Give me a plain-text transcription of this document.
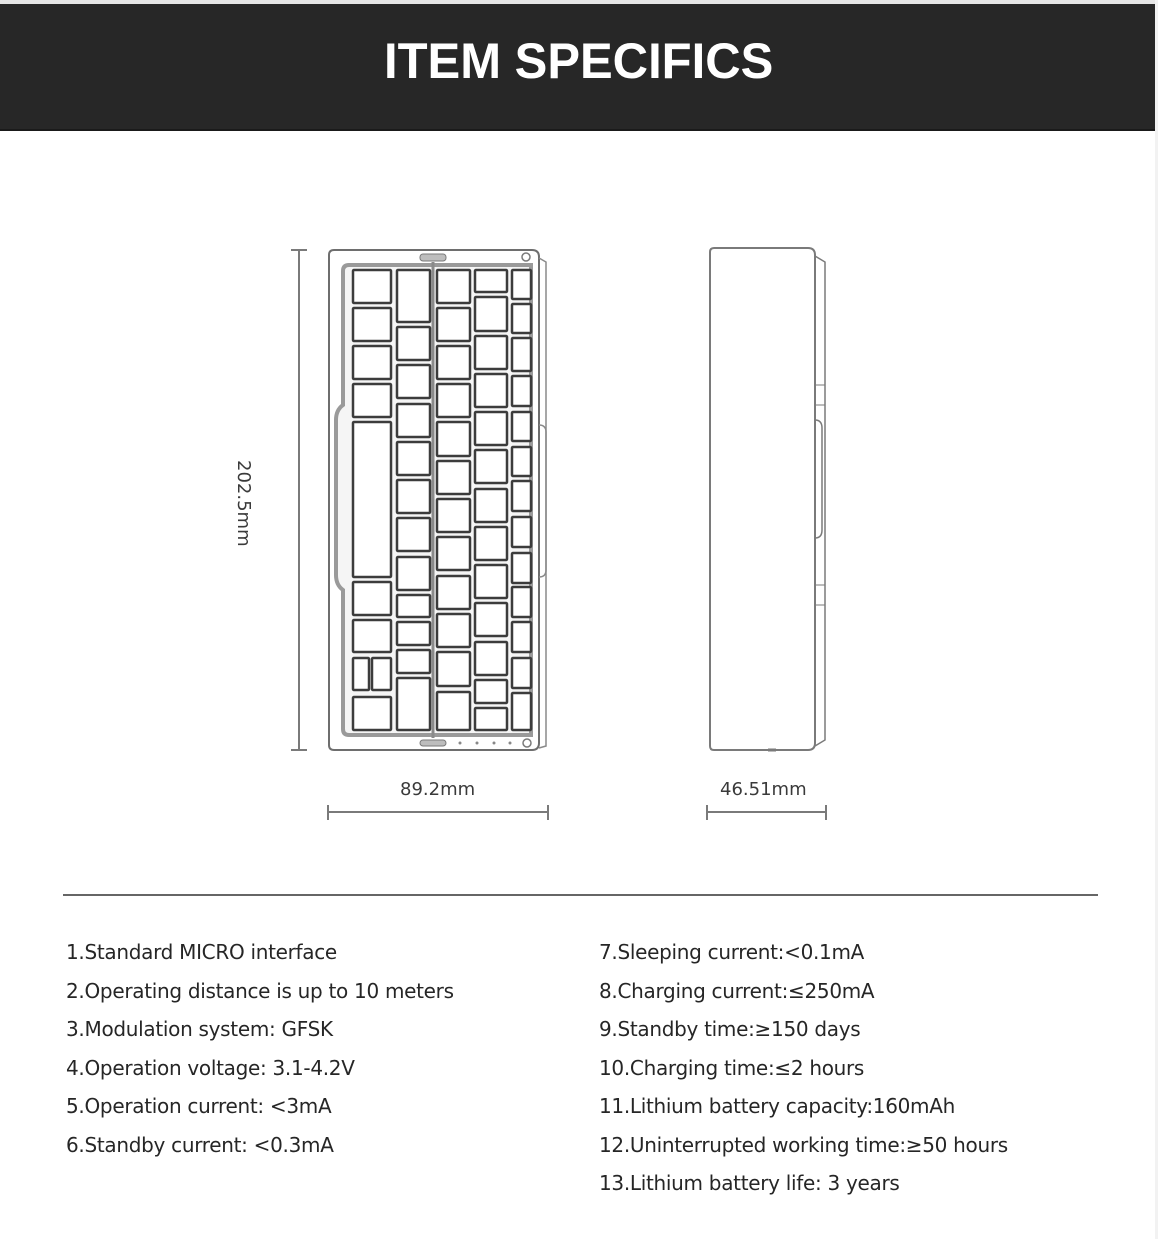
ITEM SPECIFICS
202.5mm
89.2mm	46.51mm
1.Standard MICRO interface
2.Operating distance is up to 10 meters
3.Modulation system: GFSK
4.Operation voltage: 3.1-4.2V
5.Operation current: <3mA
6.Standby current: <0.3mA
7.Sleeping current:<0.1mA
8.Charging current:≤250mA
9.Standby time:≥150 days
10.Charging time:≤2 hours
11.Lithium battery capacity:160mAh
12.Uninterrupted working time:≥50 hours
13.Lithium battery life: 3 years
